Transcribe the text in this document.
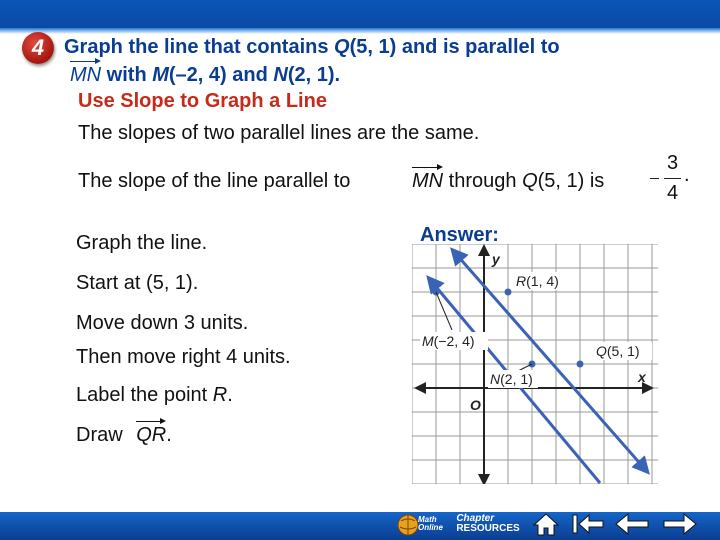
4 Graph the line that contains Q(5, 1) and is parallel to
MN with M(–2, 4) and N(2, 1).
Use Slope to Graph a Line
The slopes of two parallel lines are the same.
The slope of the line parallel to	MN through Q(5, 1) is
3
4
.
Graph the line.
Start at (5, 1).
Move down 3 units.
Then move right 4 units.
Label the point R.
Draw QR.
Answer:
y
x
O
R(1, 4)
M(−2, 4)
Q(5, 1)
N(2, 1)
Math
Online
Chapter
RESOURCES
